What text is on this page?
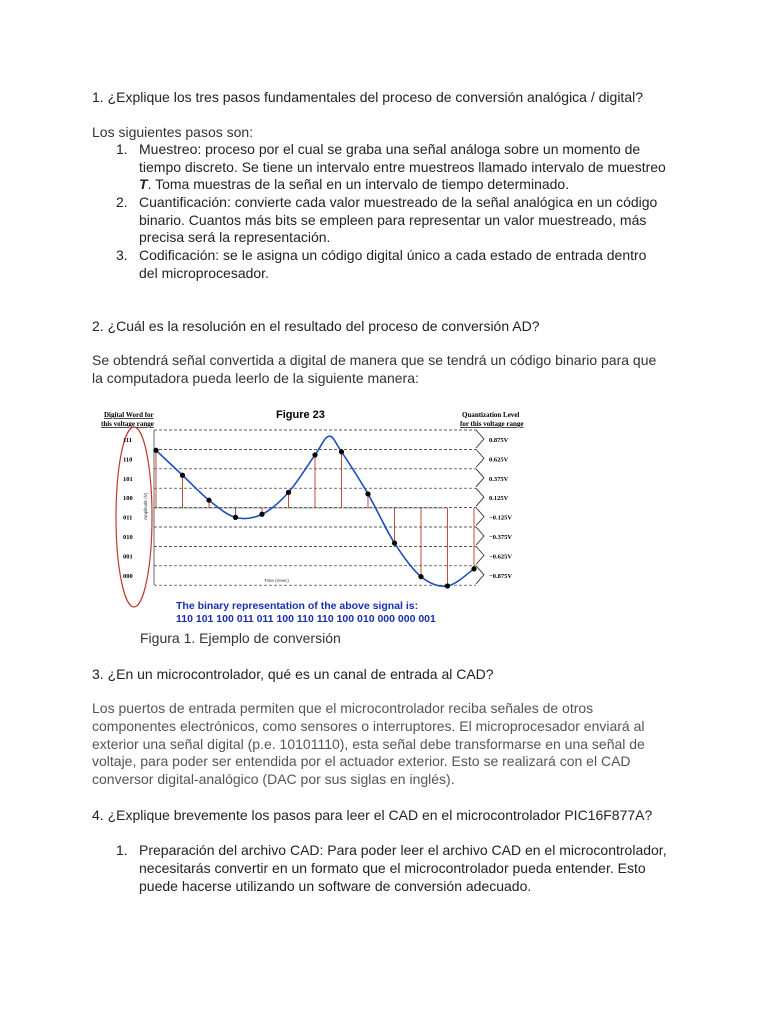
1. ¿Explique los tres pasos fundamentales del proceso de conversión analógica / digital?
Los siguientes pasos son:
1. Muestreo: proceso por el cual se graba una señal análoga sobre un momento de
tiempo discreto. Se tiene un intervalo entre muestreos llamado intervalo de muestreo
T. Toma muestras de la señal en un intervalo de tiempo determinado.
2. Cuantificación: convierte cada valor muestreado de la señal analógica en un código
binario. Cuantos más bits se empleen para representar un valor muestreado, más
precisa será la representación.
3. Codificación: se le asigna un código digital único a cada estado de entrada dentro
del microprocesador.
2. ¿Cuál es la resolución en el resultado del proceso de conversión AD?
Se obtendrá señal convertida a digital de manera que se tendrá un código binario para que
la computadora pueda leerlo de la siguiente manera:
Digital Word for
this voltage range
Figure 23	Quantization Level
for this voltage range
111
110
101
100
011
010
001
000
0.875V
0.625V
0.375V
0.125V
−0.125V
−0.375V
−0.625V
−0.875V
Time (msec)
Amplitude (V)
The binary representation of the above signal is:
110 101 100 011 011 100 110 110 100 010 000 000 001
Figura 1. Ejemplo de conversión
3. ¿En un microcontrolador, qué es un canal de entrada al CAD?
Los puertos de entrada permiten que el microcontrolador reciba señales de otros
componentes electrónicos, como sensores o interruptores. El microprocesador enviará al
exterior una señal digital (p.e. 10101110), esta señal debe transformarse en una señal de
voltaje, para poder ser entendida por el actuador exterior. Esto se realizará con el CAD
conversor digital-analógico (DAC por sus siglas en inglés).
4. ¿Explique brevemente los pasos para leer el CAD en el microcontrolador PIC16F877A?
1. Preparación del archivo CAD: Para poder leer el archivo CAD en el microcontrolador,
necesitarás convertir en un formato que el microcontrolador pueda entender. Esto
puede hacerse utilizando un software de conversión adecuado.
